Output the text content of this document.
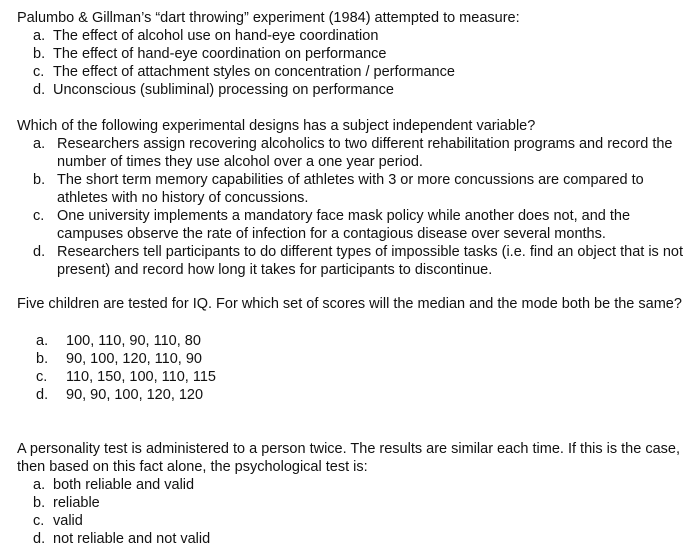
Palumbo & Gillman’s “dart throwing” experiment (1984) attempted to measure:

a. The effect of alcohol use on hand-eye coordination
b. The effect of hand-eye coordination on performance
c. The effect of attachment styles on concentration / performance
d. Unconscious (subliminal) processing on performance

Which of the following experimental designs has a subject independent variable?

a. Researchers assign recovering alcoholics to two different rehabilitation programs and record the number of times they use alcohol over a one year period.
b. The short term memory capabilities of athletes with 3 or more concussions are compared to athletes with no history of concussions.
c. One university implements a mandatory face mask policy while another does not, and the campuses observe the rate of infection for a contagious disease over several months.
d. Researchers tell participants to do different types of impossible tasks (i.e. find an object that is not present) and record how long it takes for participants to discontinue.

Five children are tested for IQ. For which set of scores will the median and the mode both be the same?

a.	100, 110, 90, 110, 80
b.	90, 100, 120, 110, 90
c.	110, 150, 100, 110, 115
d.	90, 90, 100, 120, 120

A personality test is administered to a person twice. The results are similar each time. If this is the case, then based on this fact alone, the psychological test is:

a. both reliable and valid
b. reliable
c. valid
d. not reliable and not valid
